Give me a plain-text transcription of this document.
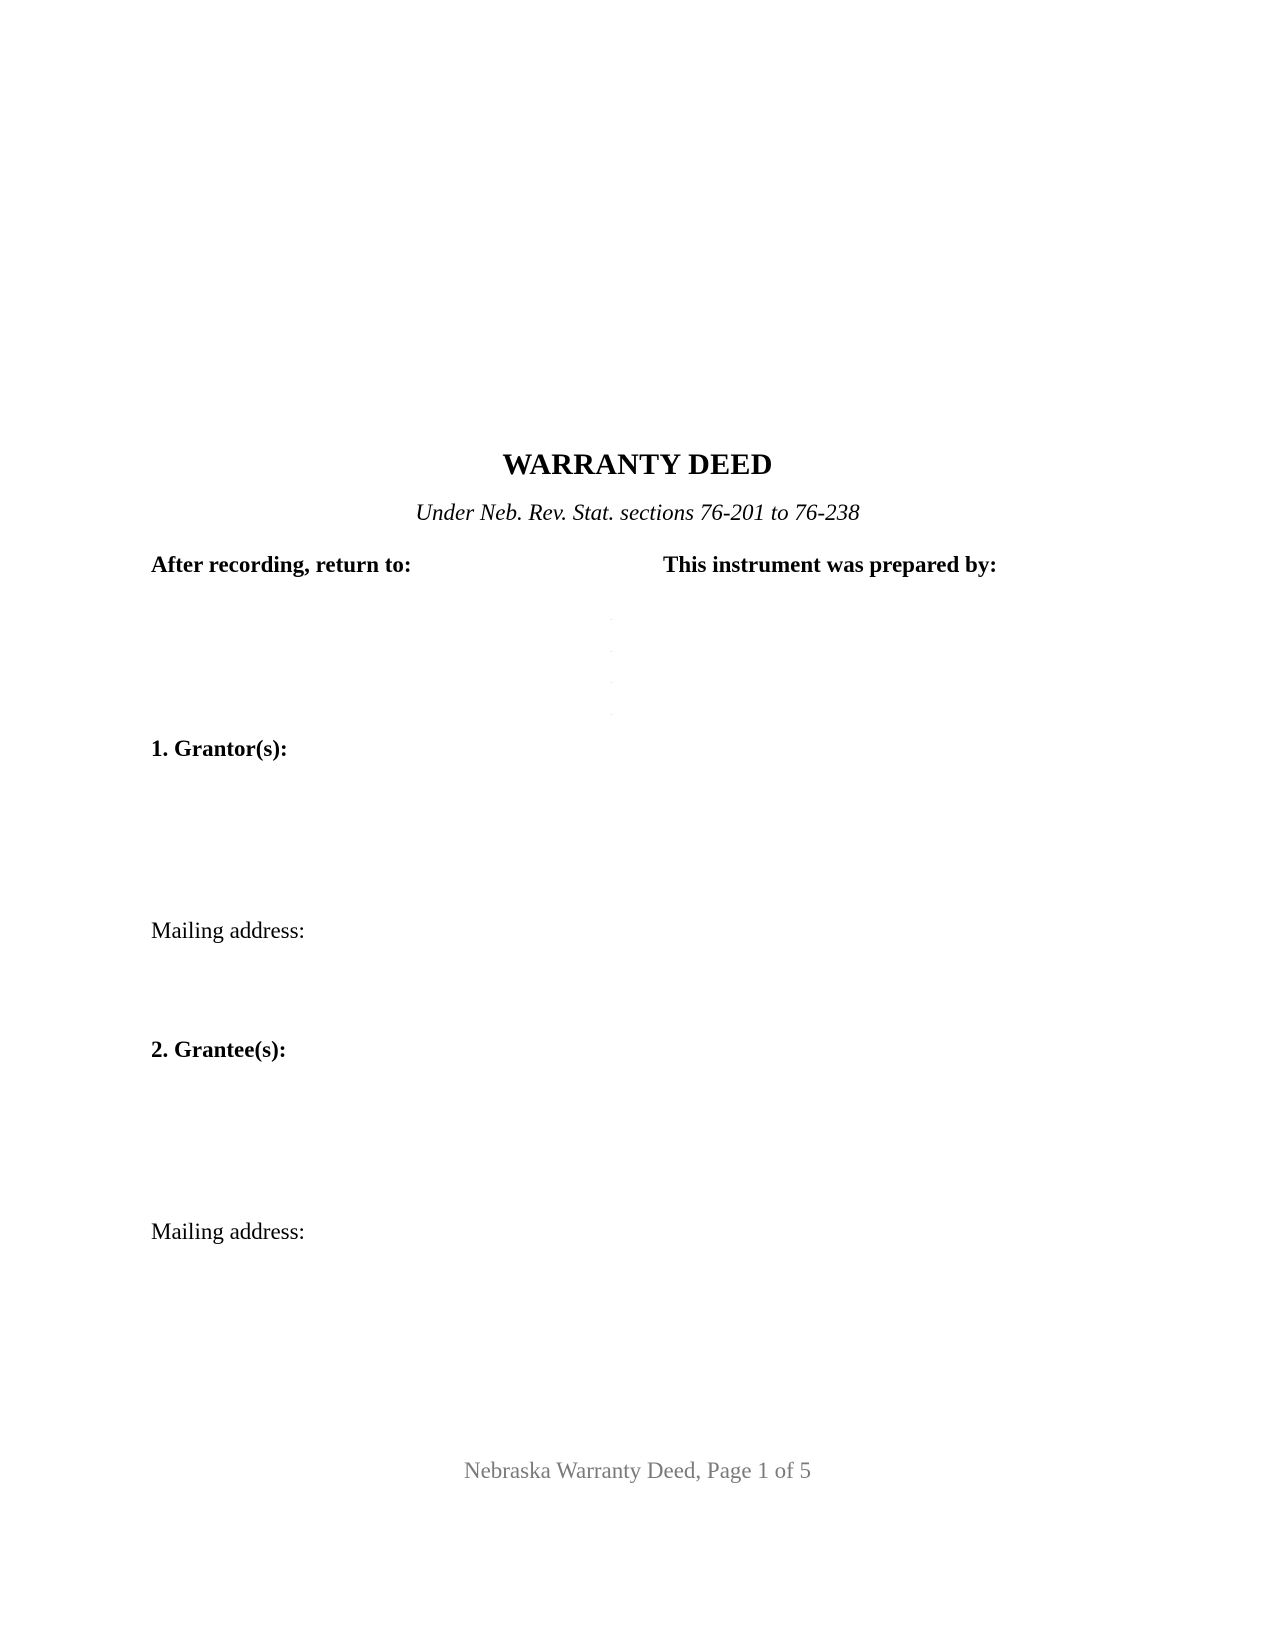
WARRANTY DEED
Under Neb. Rev. Stat. sections 76-201 to 76-238
After recording, return to:	This instrument was prepared by:
1. Grantor(s):
Mailing address:
2. Grantee(s):
Mailing address:
Nebraska Warranty Deed, Page 1 of 5
